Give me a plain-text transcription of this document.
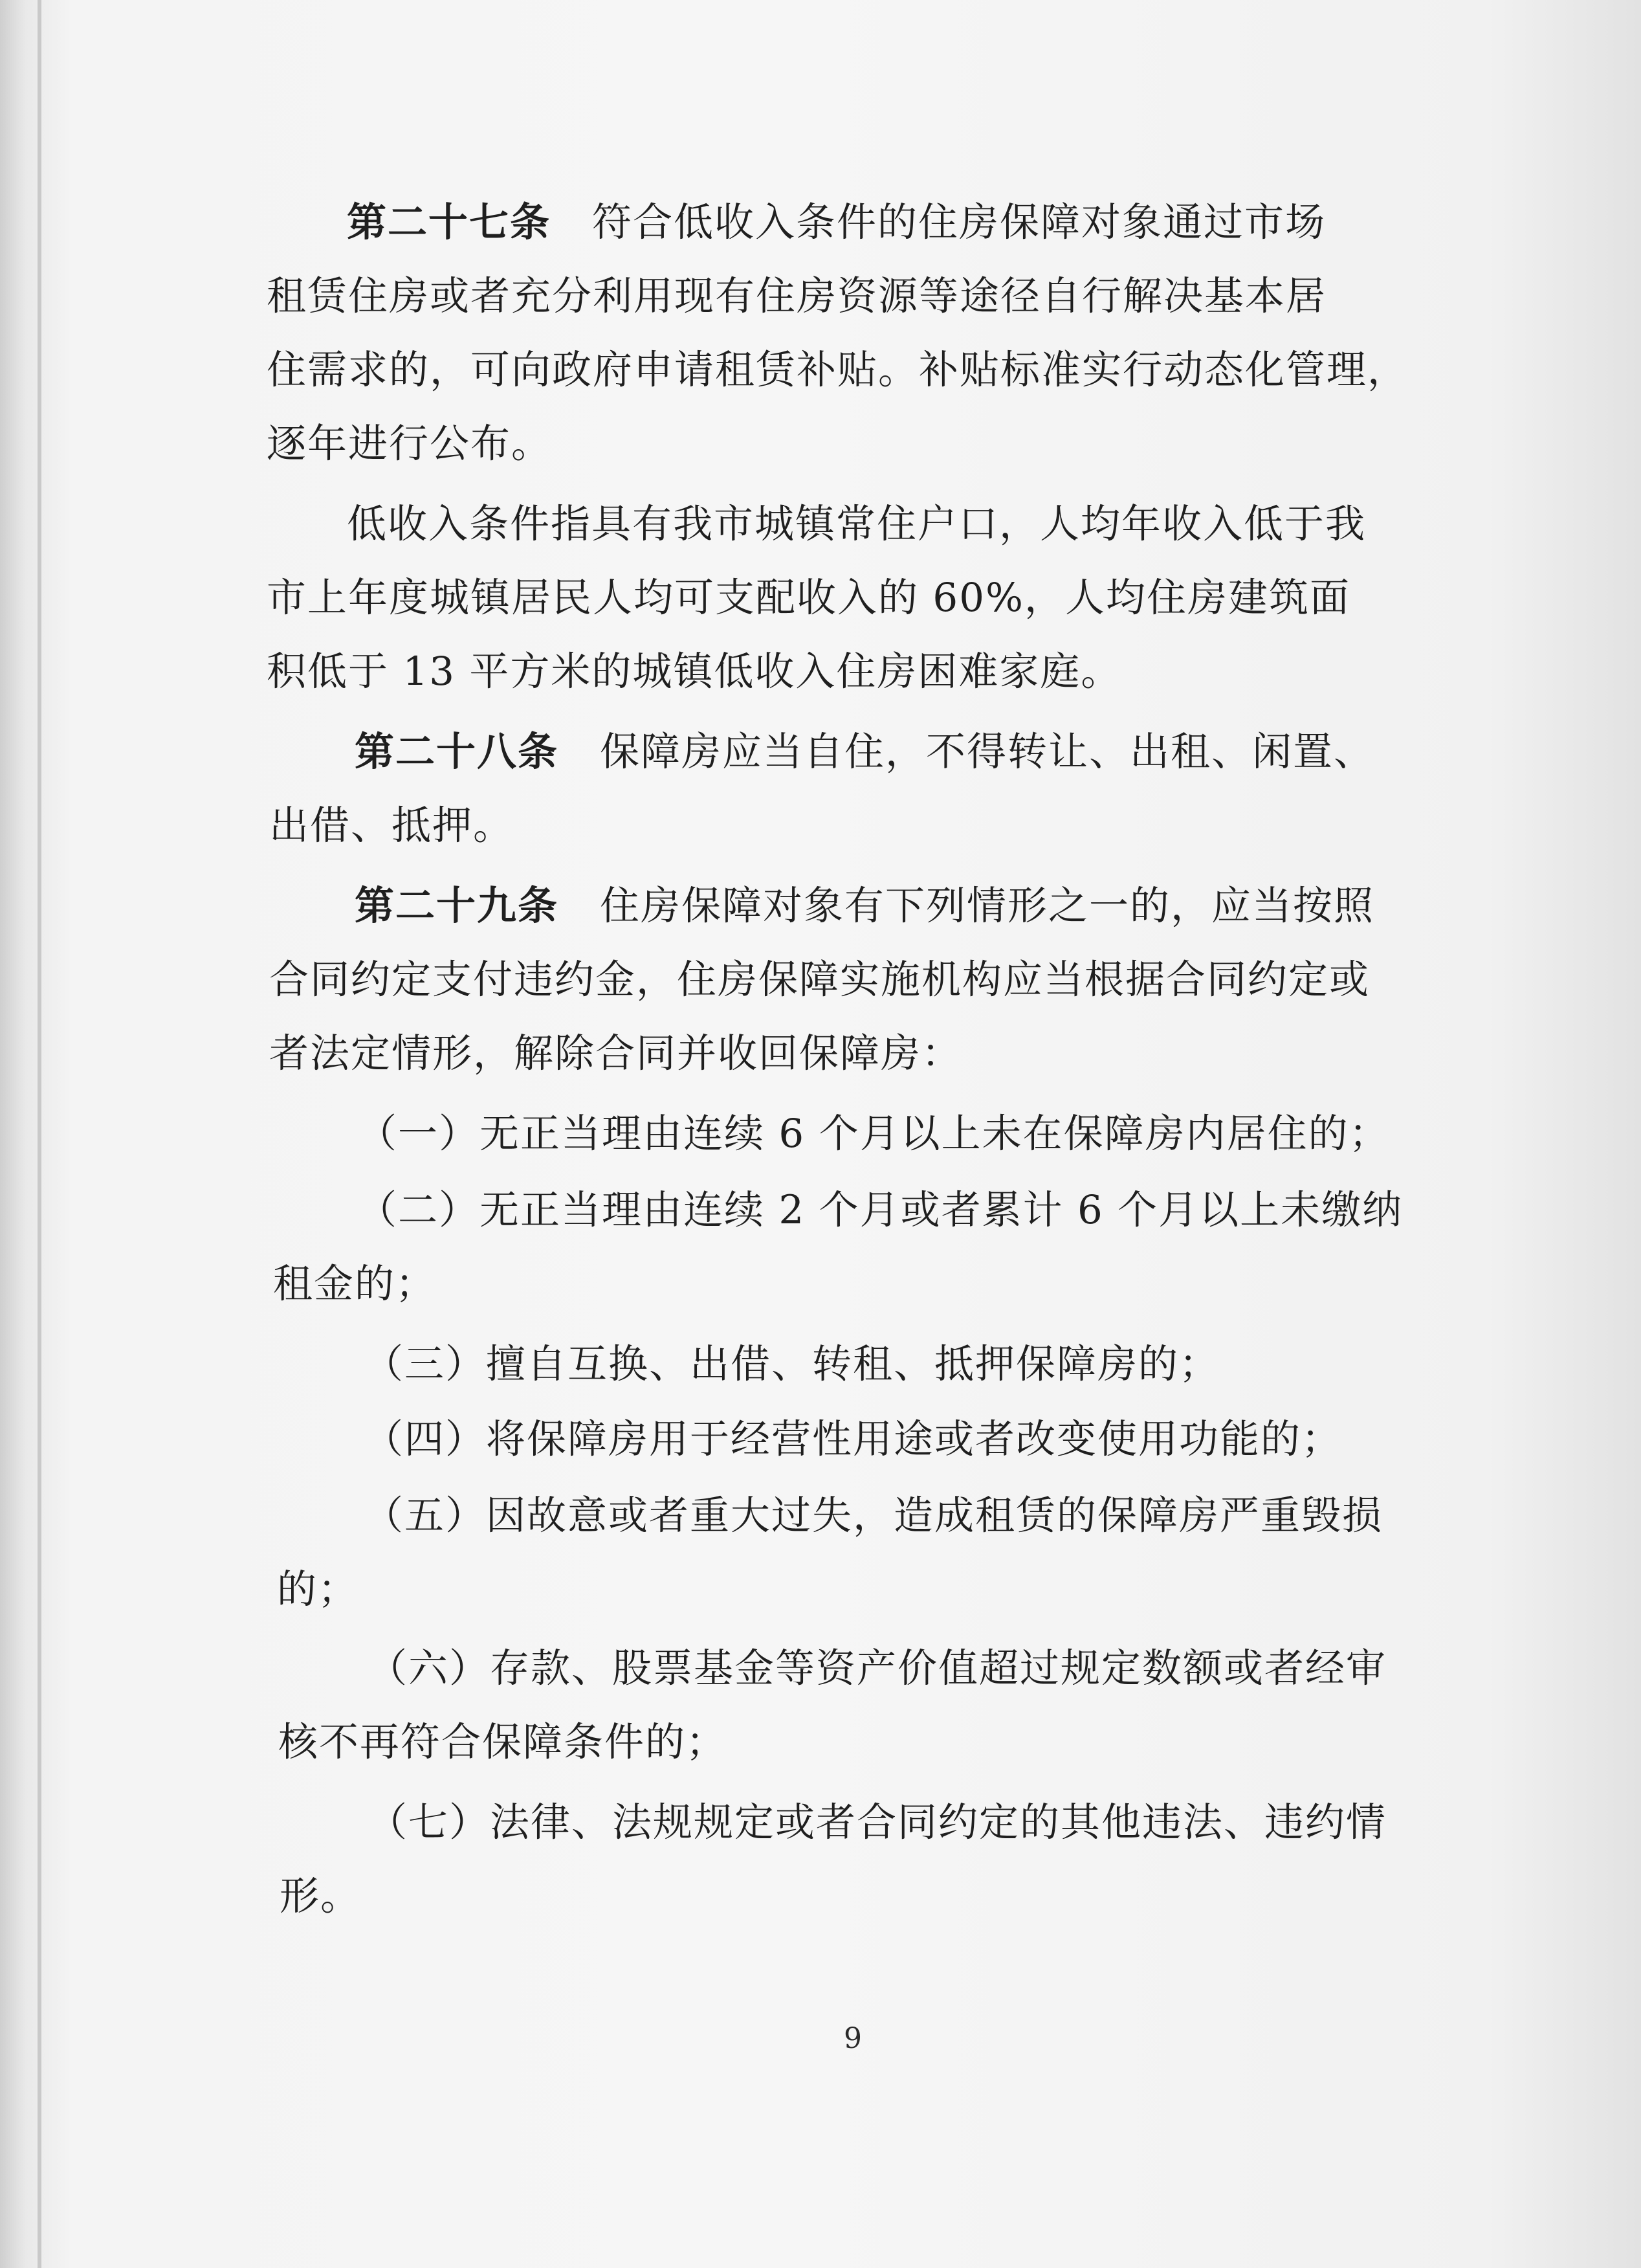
第二十七条 符合低收入条件的住房保障对象通过市场
租赁住房或者充分利用现有住房资源等途径自行解决基本居
住需求的，可向政府申请租赁补贴。补贴标准实行动态化管理，
逐年进行公布。
低收入条件指具有我市城镇常住户口，人均年收入低于我
市上年度城镇居民人均可支配收入的 60%，人均住房建筑面
积低于 13 平方米的城镇低收入住房困难家庭。
第二十八条 保障房应当自住，不得转让、出租、闲置、
出借、抵押。
第二十九条 住房保障对象有下列情形之一的，应当按照
合同约定支付违约金，住房保障实施机构应当根据合同约定或
者法定情形，解除合同并收回保障房：
（一）无正当理由连续 6 个月以上未在保障房内居住的；
（二）无正当理由连续 2 个月或者累计 6 个月以上未缴纳
租金的；
（三）擅自互换、出借、转租、抵押保障房的；
（四）将保障房用于经营性用途或者改变使用功能的；
（五）因故意或者重大过失，造成租赁的保障房严重毁损
的；
（六）存款、股票基金等资产价值超过规定数额或者经审
核不再符合保障条件的；
（七）法律、法规规定或者合同约定的其他违法、违约情
形。
9
